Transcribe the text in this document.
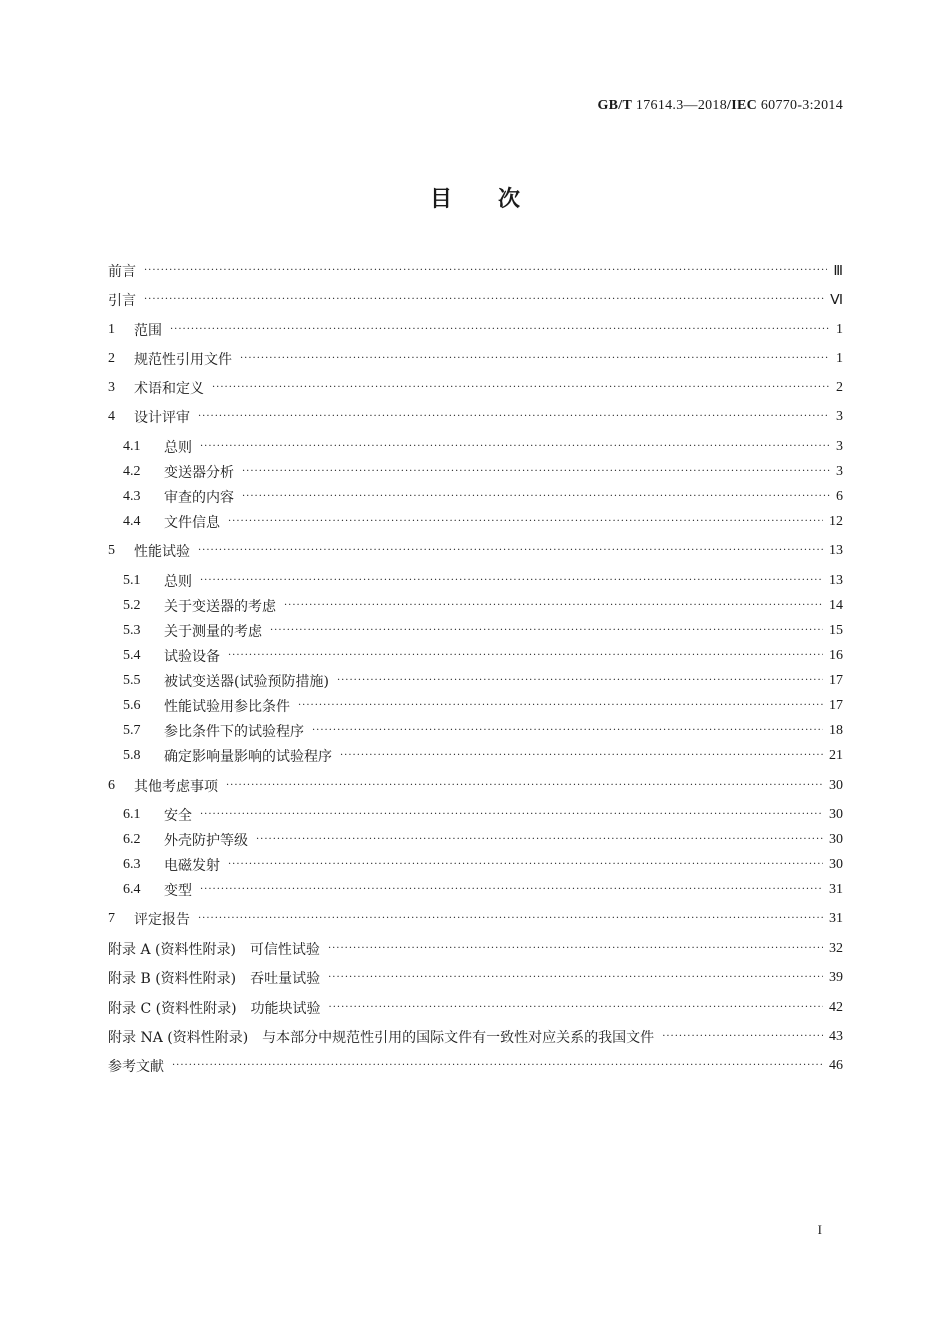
GB/T 17614.3—2018/IEC 60770-3:2014
目次
前言 ·····	Ⅲ
引言 ·····	Ⅵ
1	范围 ·····	1
2	规范性引用文件 ·····	1
3	术语和定义 ·····	2
4	设计评审 ·····	3
4.1	总则 ·····	3
4.2	变送器分析 ·····	3
4.3	审查的内容 ·····	6
4.4	文件信息 ·····	12
5	性能试验 ·····	13
5.1	总则 ·····	13
5.2	关于变送器的考虑 ·····	14
5.3	关于测量的考虑 ·····	15
5.4	试验设备 ·····	16
5.5	被试变送器(试验预防措施) ·····	17
5.6	性能试验用参比条件 ·····	17
5.7	参比条件下的试验程序 ·····	18
5.8	确定影响量影响的试验程序 ·····	21
6	其他考虑事项 ·····	30
6.1	安全 ·····	30
6.2	外壳防护等级 ·····	30
6.3	电磁发射 ·····	30
6.4	变型 ·····	31
7	评定报告 ·····	31
附录 A (资料性附录)　可信性试验 ·····	32
附录 B (资料性附录)　吞吐量试验 ·····	39
附录 C (资料性附录)　功能块试验 ·····	42
附录 NA (资料性附录)　与本部分中规范性引用的国际文件有一致性对应关系的我国文件 ·····	43
参考文献 ·····	46
I
